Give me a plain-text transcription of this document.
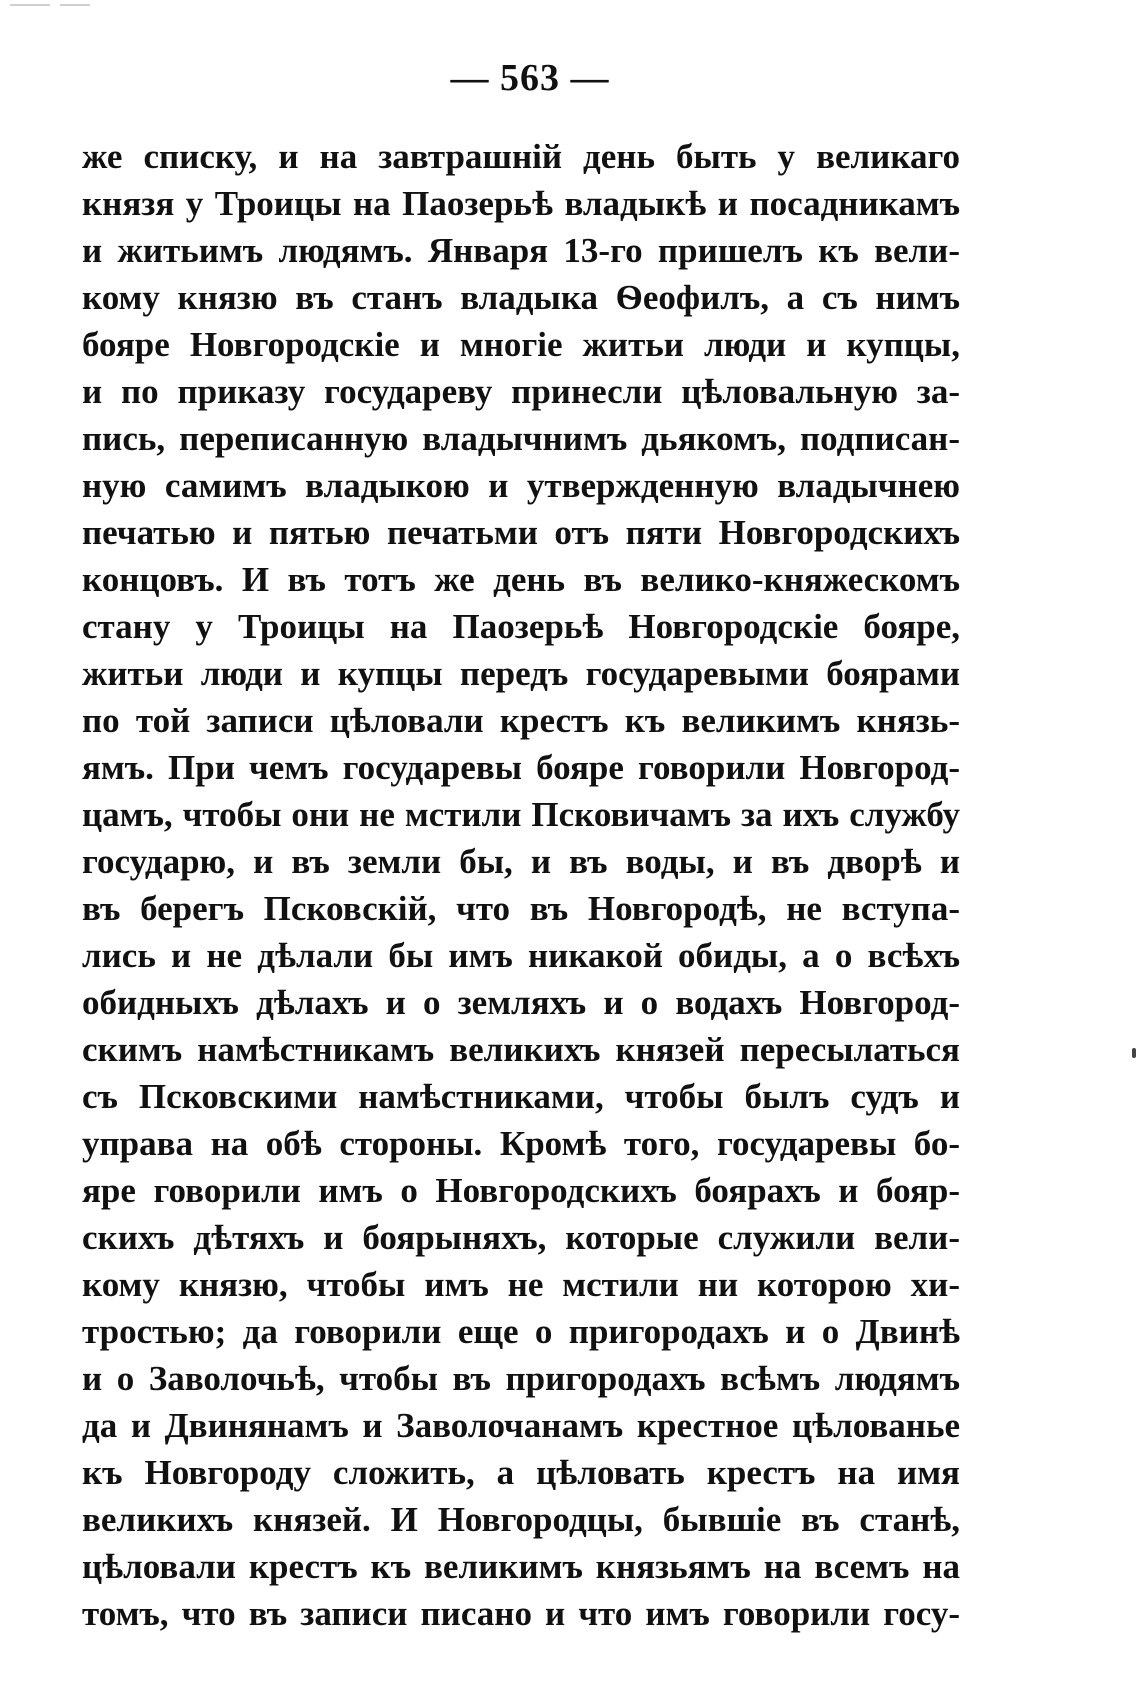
— 563 —
же списку, и на завтрашній день быть у великаго
князя у Троицы на Паозерьѣ владыкѣ и посадникамъ
и житьимъ людямъ. Января 13-го пришелъ къ вели-
кому князю въ станъ владыка Ѳеофилъ, а съ нимъ
бояре Новгородскіе и многіе житьи люди и купцы,
и по приказу государеву принесли цѣловальную за-
пись, переписанную владычнимъ дьякомъ, подписан-
ную самимъ владыкою и утвержденную владычнею
печатью и пятью печатьми отъ пяти Новгородскихъ
концовъ. И въ тотъ же день въ велико-княжескомъ
стану у Троицы на Паозерьѣ Новгородскіе бояре,
житьи люди и купцы передъ государевыми боярами
по той записи цѣловали крестъ къ великимъ князь-
ямъ. При чемъ государевы бояре говорили Новгород-
цамъ, чтобы они не мстили Псковичамъ за ихъ службу
государю, и въ земли бы, и въ воды, и въ дворѣ и
въ берегъ Псковскій, что въ Новгородѣ, не вступа-
лись и не дѣлали бы имъ никакой обиды, а о всѣхъ
обидныхъ дѣлахъ и о земляхъ и о водахъ Новгород-
скимъ намѣстникамъ великихъ князей пересылаться
съ Псковскими намѣстниками, чтобы былъ судъ и
управа на обѣ стороны. Кромѣ того, государевы бо-
яре говорили имъ о Новгородскихъ боярахъ и бояр-
скихъ дѣтяхъ и боярыняхъ, которые служили вели-
кому князю, чтобы имъ не мстили ни которою хи-
тростью; да говорили еще о пригородахъ и о Двинѣ
и о Заволочьѣ, чтобы въ пригородахъ всѣмъ людямъ
да и Двинянамъ и Заволочанамъ крестное цѣлованье
къ Новгороду сложить, а цѣловать крестъ на имя
великихъ князей. И Новгородцы, бывшіе въ станѣ,
цѣловали крестъ къ великимъ князьямъ на всемъ на
томъ, что въ записи писано и что имъ говорили госу-
